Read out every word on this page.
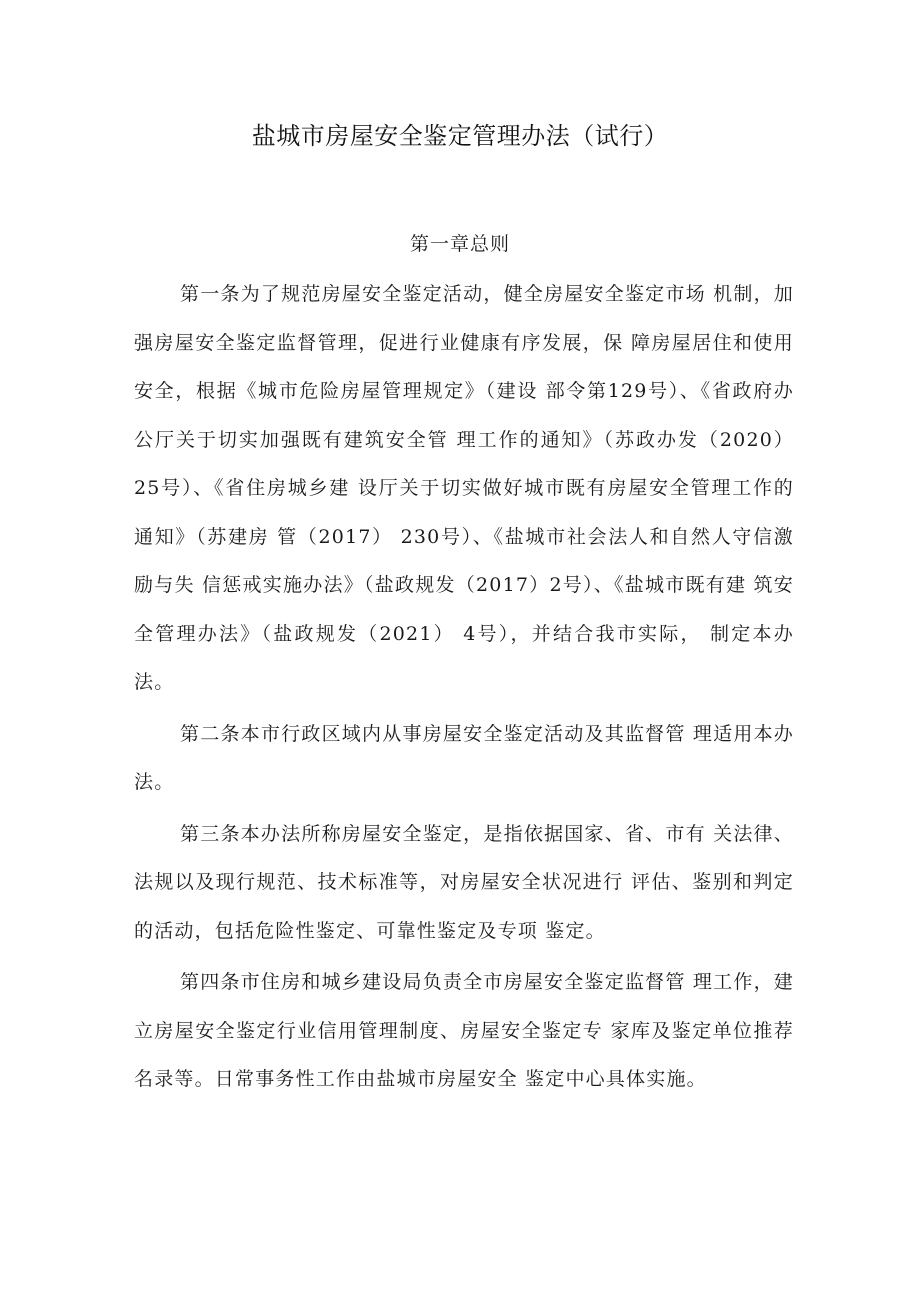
盐城市房屋安全鉴定管理办法（试行）
第一章总则

第一条为了规范房屋安全鉴定活动，健全房屋安全鉴定市场 机制，加强房屋安全鉴定监督管理，促进行业健康有序发展，保 障房屋居住和使用安全，根据《城市危险房屋管理规定》（建设 部令第129号）、《省政府办公厅关于切实加强既有建筑安全管 理工作的通知》（苏政办发（2020） 25号）、《省住房城乡建 设厅关于切实做好城市既有房屋安全管理工作的通知》（苏建房 管（2017） 230号）、《盐城市社会法人和自然人守信激励与失 信惩戒实施办法》（盐政规发（2017）2号）、《盐城市既有建 筑安全管理办法》（盐政规发（2021） 4号），并结合我市实际， 制定本办法。

第二条本市行政区域内从事房屋安全鉴定活动及其监督管 理适用本办法。

第三条本办法所称房屋安全鉴定，是指依据国家、省、市有 关法律、法规以及现行规范、技术标准等，对房屋安全状况进行 评估、鉴别和判定的活动，包括危险性鉴定、可靠性鉴定及专项 鉴定。

第四条市住房和城乡建设局负责全市房屋安全鉴定监督管 理工作，建立房屋安全鉴定行业信用管理制度、房屋安全鉴定专 家库及鉴定单位推荐名录等。日常事务性工作由盐城市房屋安全 鉴定中心具体实施。
